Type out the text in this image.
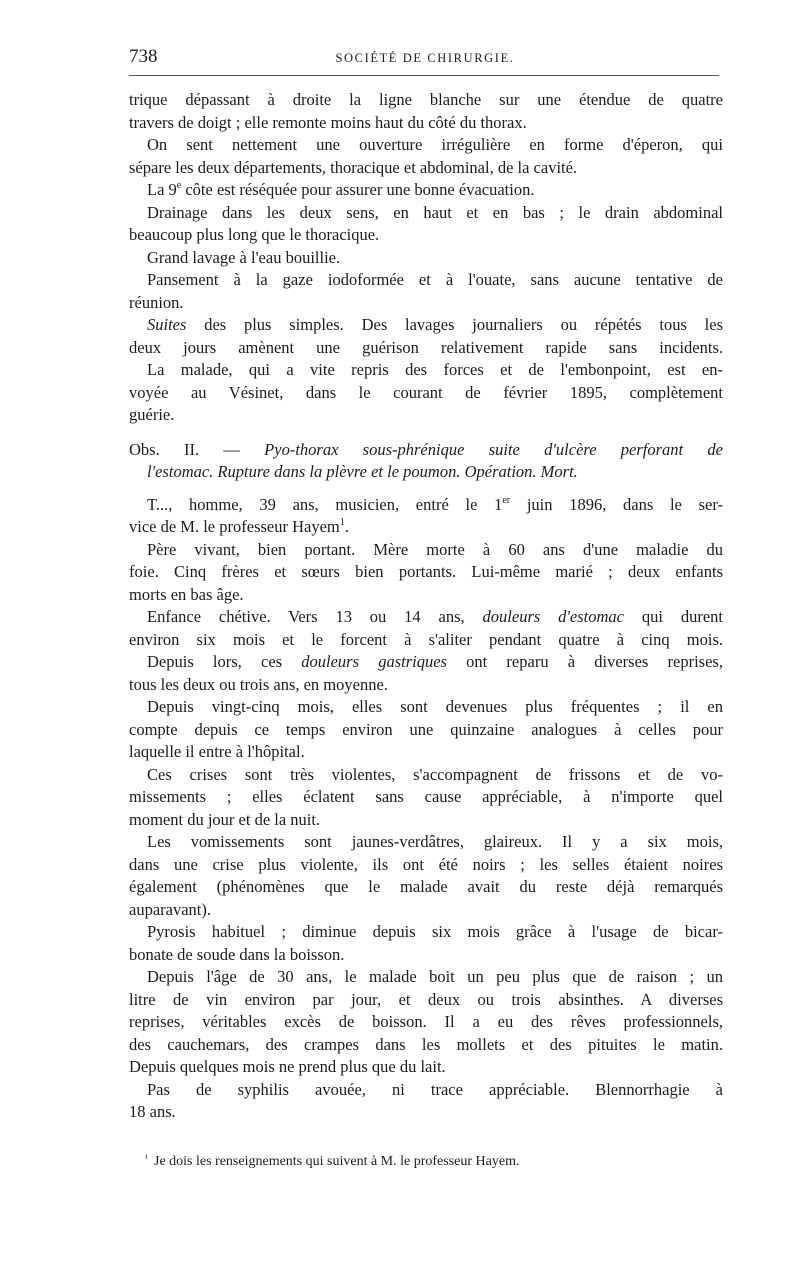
738	SOCIÉTÉ DE CHIRURGIE.
trique dépassant à droite la ligne blanche sur une étendue de quatre
travers de doigt ; elle remonte moins haut du côté du thorax.
On sent nettement une ouverture irrégulière en forme d'éperon, qui
sépare les deux départements, thoracique et abdominal, de la cavité.
La 9e côte est réséquée pour assurer une bonne évacuation.
Drainage dans les deux sens, en haut et en bas ; le drain abdominal
beaucoup plus long que le thoracique.
Grand lavage à l'eau bouillie.
Pansement à la gaze iodoformée et à l'ouate, sans aucune tentative de
réunion.
Suites des plus simples. Des lavages journaliers ou répétés tous les
deux jours amènent une guérison relativement rapide sans incidents.
La malade, qui a vite repris des forces et de l'embonpoint, est en-
voyée au Vésinet, dans le courant de février 1895, complètement
guérie.
Obs. II. — Pyo-thorax sous-phrénique suite d'ulcère perforant de
l'estomac. Rupture dans la plèvre et le poumon. Opération. Mort.
T..., homme, 39 ans, musicien, entré le 1er juin 1896, dans le ser-
vice de M. le professeur Hayem$^1$.
Père vivant, bien portant. Mère morte à 60 ans d'une maladie du
foie. Cinq frères et sœurs bien portants. Lui-même marié ; deux enfants
morts en bas âge.
Enfance chétive. Vers 13 ou 14 ans, douleurs d'estomac qui durent
environ six mois et le forcent à s'aliter pendant quatre à cinq mois.
Depuis lors, ces douleurs gastriques ont reparu à diverses reprises,
tous les deux ou trois ans, en moyenne.
Depuis vingt-cinq mois, elles sont devenues plus fréquentes ; il en
compte depuis ce temps environ une quinzaine analogues à celles pour
laquelle il entre à l'hôpital.
Ces crises sont très violentes, s'accompagnent de frissons et de vo-
missements ; elles éclatent sans cause appréciable, à n'importe quel
moment du jour et de la nuit.
Les vomissements sont jaunes-verdâtres, glaireux. Il y a six mois,
dans une crise plus violente, ils ont été noirs ; les selles étaient noires
également (phénomènes que le malade avait du reste déjà remarqués
auparavant).
Pyrosis habituel ; diminue depuis six mois grâce à l'usage de bicar-
bonate de soude dans la boisson.
Depuis l'âge de 30 ans, le malade boit un peu plus que de raison ; un
litre de vin environ par jour, et deux ou trois absinthes. A diverses
reprises, véritables excès de boisson. Il a eu des rêves professionnels,
des cauchemars, des crampes dans les mollets et des pituites le matin.
Depuis quelques mois ne prend plus que du lait.
Pas de syphilis avouée, ni trace appréciable. Blennorrhagie à
18 ans.
$^{^1}$ Je dois les renseignements qui suivent à M. le professeur Hayem.
